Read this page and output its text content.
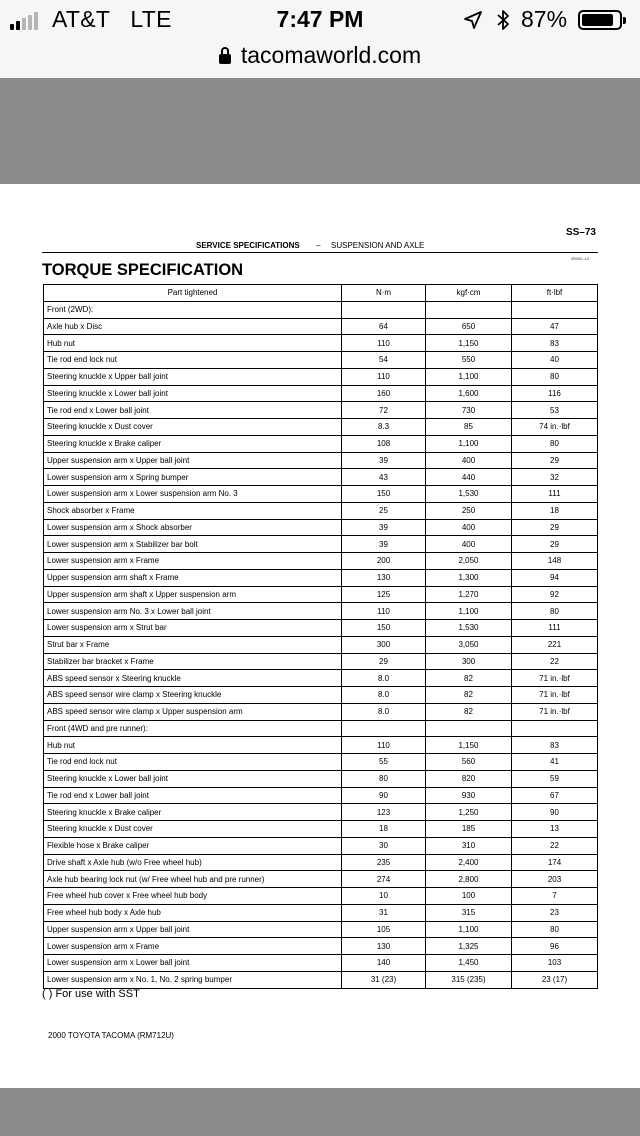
AT&T LTE	7:47 PM	87%
tacomaworld.com
SS–73
SERVICE SPECIFICATIONS – SUSPENSION AND AXLE
3S002–10
TORQUE SPECIFICATION
Part tightened	N·m	kgf·cm	ft·lbf
Front (2WD):			
Axle hub x Disc	64	650	47
Hub nut	110	1,150	83
Tie rod end lock nut	54	550	40
Steering knuckle x Upper ball joint	110	1,100	80
Steering knuckle x Lower ball joint	160	1,600	116
Tie rod end x Lower ball joint	72	730	53
Steering knuckle x Dust cover	8.3	85	74 in.·lbf
Steering knuckle x Brake caliper	108	1,100	80
Upper suspension arm x Upper ball joint	39	400	29
Lower suspension arm x Spring bumper	43	440	32
Lower suspension arm x Lower suspension arm No. 3	150	1,530	111
Shock absorber x Frame	25	250	18
Lower suspension arm x Shock absorber	39	400	29
Lower suspension arm x Stabilizer bar bolt	39	400	29
Lower suspension arm x Frame	200	2,050	148
Upper suspension arm shaft x Frame	130	1,300	94
Upper suspension arm shaft x Upper suspension arm	125	1,270	92
Lower suspension arm No. 3 x Lower ball joint	110	1,100	80
Lower suspension arm x Strut bar	150	1,530	111
Strut bar x Frame	300	3,050	221
Stabilizer bar bracket x Frame	29	300	22
ABS speed sensor x Steering knuckle	8.0	82	71 in.·lbf
ABS speed sensor wire clamp x Steering knuckle	8.0	82	71 in.·lbf
ABS speed sensor wire clamp x Upper suspension arm	8.0	82	71 in.·lbf
Front (4WD and pre runner):			
Hub nut	110	1,150	83
Tie rod end lock nut	55	560	41
Steering knuckle x Lower ball joint	80	820	59
Tie rod end x Lower ball joint	90	930	67
Steering knuckle x Brake caliper	123	1,250	90
Steering knuckle x Dust cover	18	185	13
Flexible hose x Brake caliper	30	310	22
Drive shaft x Axle hub (w/o Free wheel hub)	235	2,400	174
Axle hub bearing lock nut (w/ Free wheel hub and pre runner)	274	2,800	203
Free wheel hub cover x Free wheel hub body	10	100	7
Free wheel hub body x Axle hub	31	315	23
Upper suspension arm x Upper ball joint	105	1,100	80
Lower suspension arm x Frame	130	1,325	96
Lower suspension arm x Lower ball joint	140	1,450	103
Lower suspension arm x No. 1, No. 2 spring bumper	31 (23)	315 (235)	23 (17)
( ) For use with SST
2000 TOYOTA TACOMA (RM712U)
